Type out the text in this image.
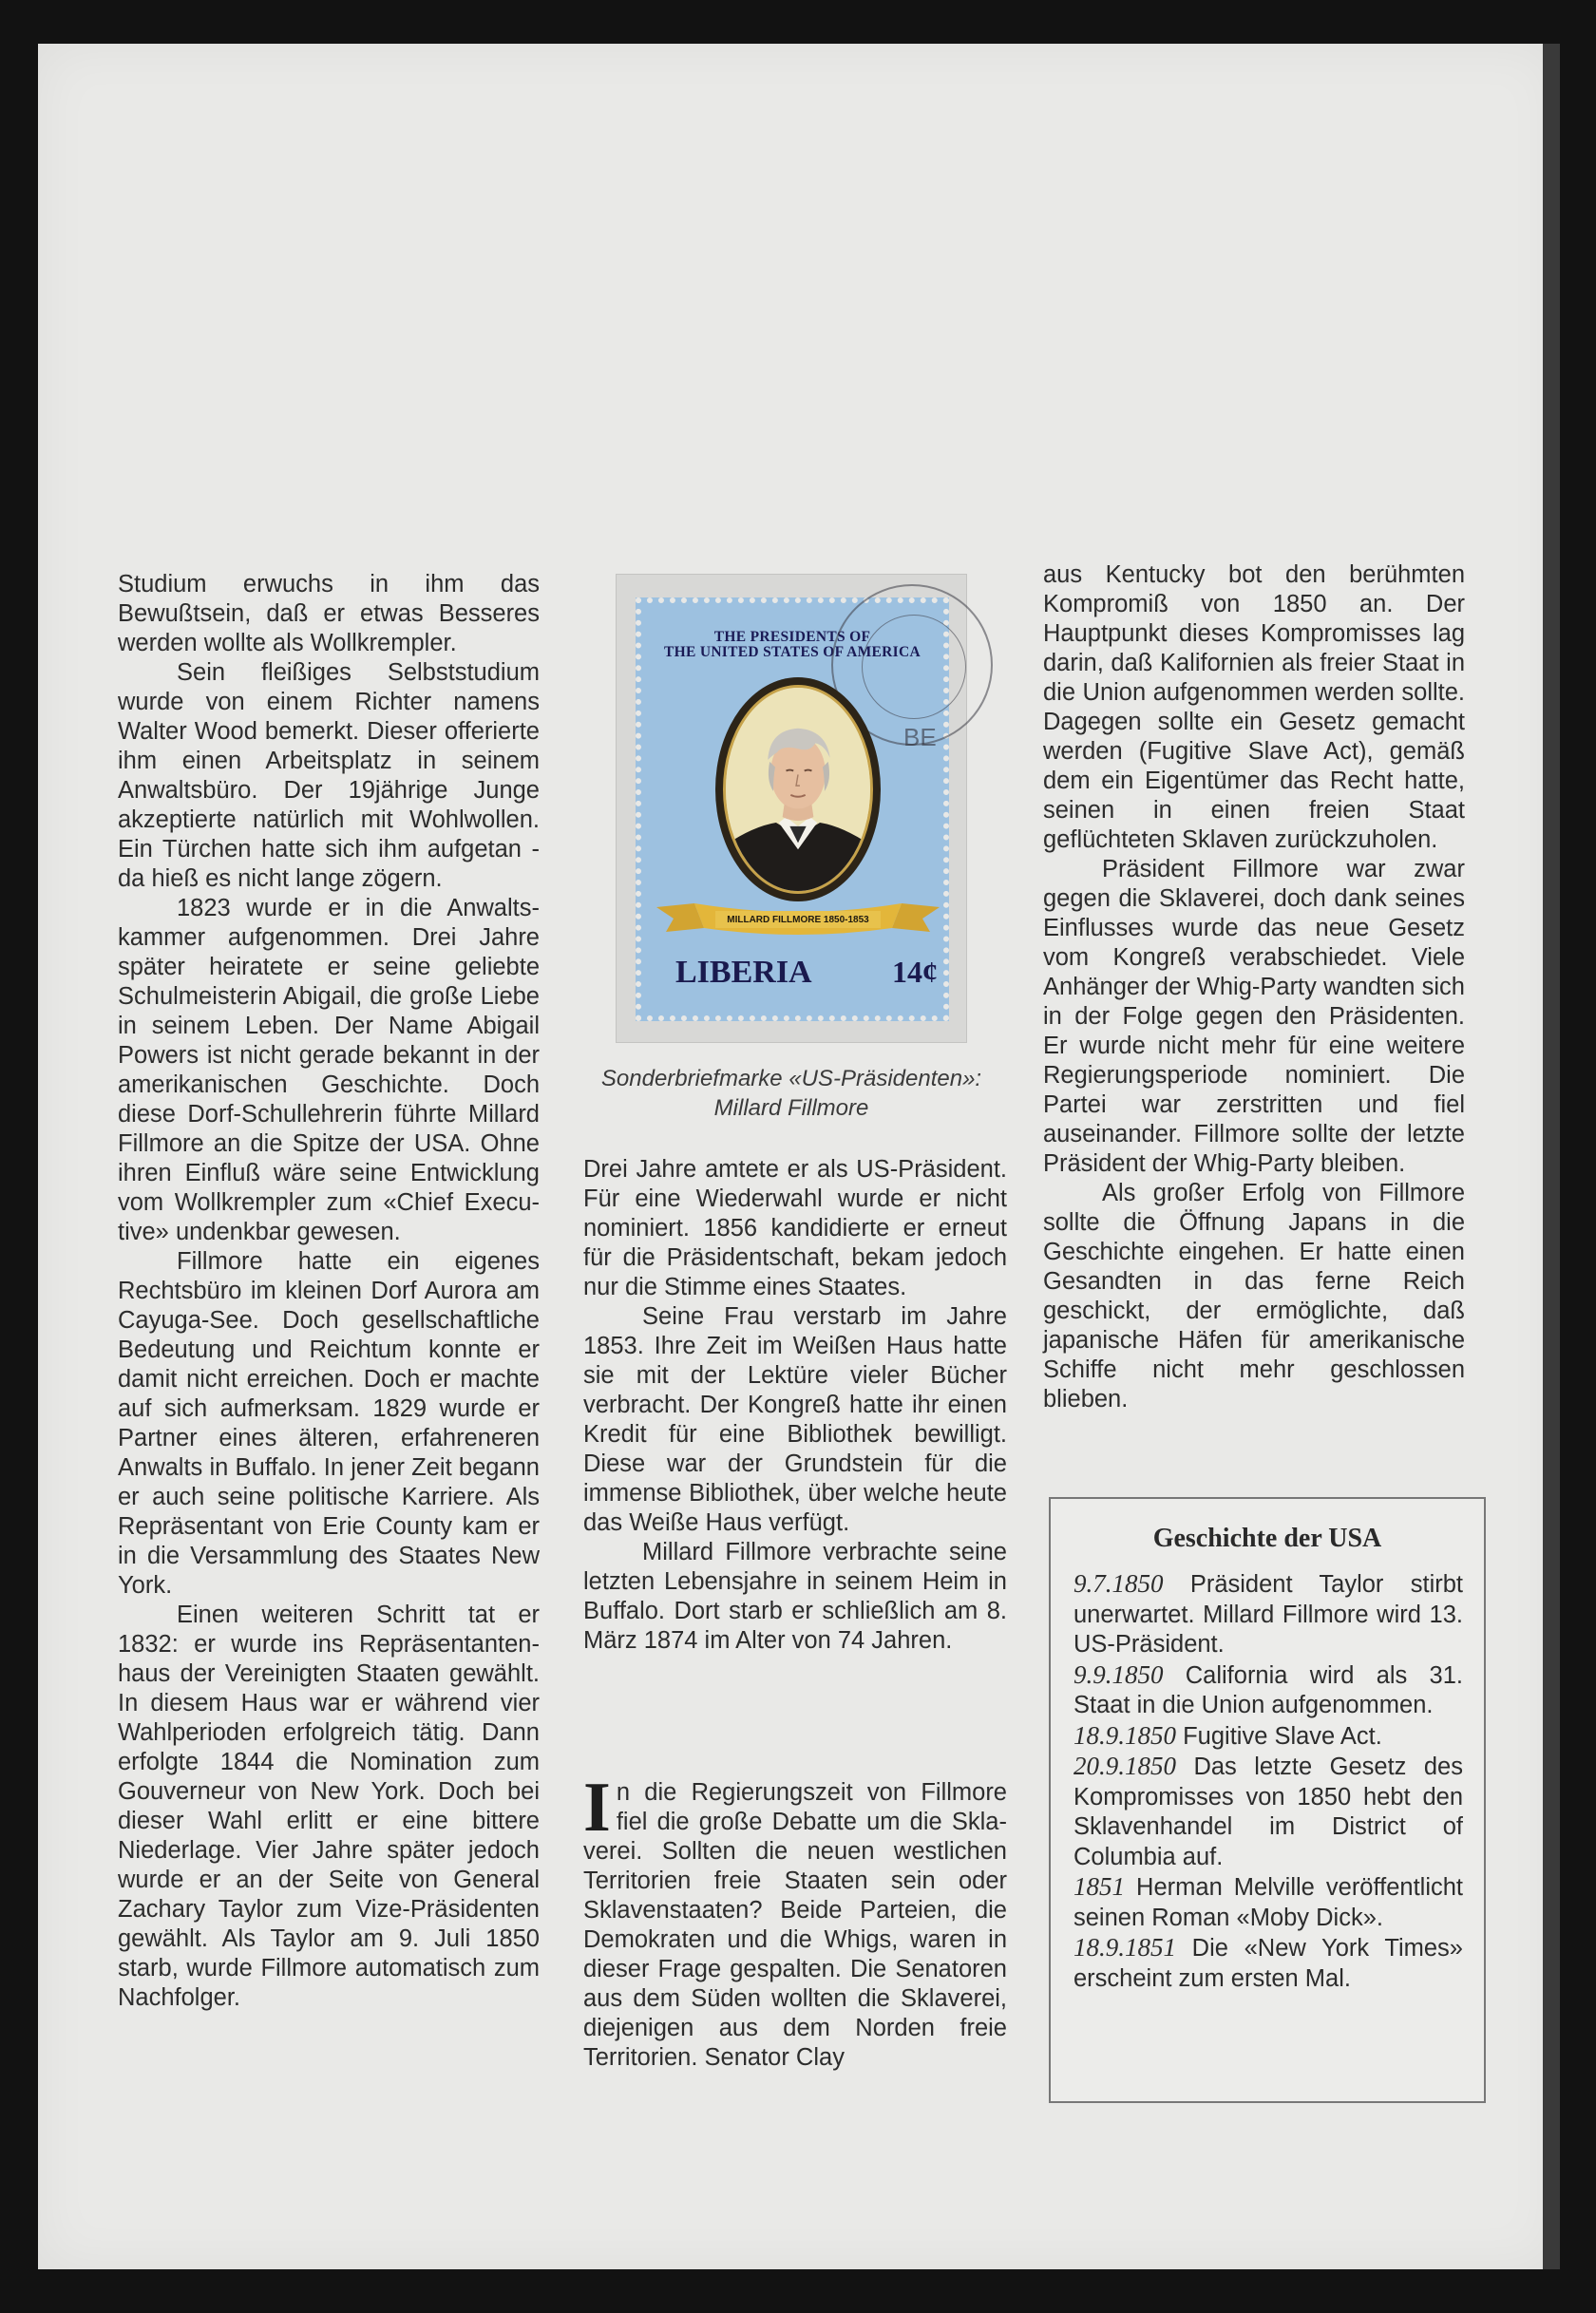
Studium erwuchs in ihm das Bewußtsein, daß er etwas Besseres werden wollte als Wollkrempler.

Sein fleißiges Selbststudium wurde von einem Richter namens Walter Wood bemerkt. Dieser offerierte ihm einen Arbeitsplatz in seinem Anwaltsbüro. Der 19jährige Junge akzeptierte natürlich mit Wohlwollen. Ein Türchen hatte sich ihm aufgetan - da hieß es nicht lange zögern.

1823 wurde er in die Anwaltskammer aufgenommen. Drei Jahre später heiratete er seine geliebte Schulmeisterin Abigail, die große Liebe in seinem Leben. Der Name Abigail Powers ist nicht gerade bekannt in der amerikanischen Geschichte. Doch diese Dorf-Schullehrerin führte Millard Fillmore an die Spitze der USA. Ohne ihren Einfluß wäre seine Entwicklung vom Wollkrempler zum «Chief Executive» undenkbar gewesen.

Fillmore hatte ein eigenes Rechtsbüro im kleinen Dorf Aurora am Cayuga-See. Doch gesellschaftliche Bedeutung und Reichtum konnte er damit nicht erreichen. Doch er machte auf sich aufmerksam. 1829 wurde er Partner eines älteren, erfahreneren Anwalts in Buffalo. In jener Zeit begann er auch seine politische Karriere. Als Repräsentant von Erie County kam er in die Versammlung des Staates New York.

Einen weiteren Schritt tat er 1832: er wurde ins Repräsentantenhaus der Vereinigten Staaten gewählt. In diesem Haus war er während vier Wahlperioden erfolgreich tätig. Dann erfolgte 1844 die Nomination zum Gouverneur von New York. Doch bei dieser Wahl erlitt er eine bittere Niederlage. Vier Jahre später jedoch wurde er an der Seite von General Zachary Taylor zum Vize-Präsidenten gewählt. Als Taylor am 9. Juli 1850 starb, wurde Fillmore automatisch zum Nachfolger.

THE PRESIDENTS OF
THE UNITED STATES OF AMERICA
BE
MILLARD FILLMORE 1850-1853
LIBERIA	14¢
Sonderbriefmarke «US-Präsidenten»:
Millard Fillmore

Drei Jahre amtete er als US-Präsident. Für eine Wiederwahl wurde er nicht nominiert. 1856 kandidierte er erneut für die Präsidentschaft, bekam jedoch nur die Stimme eines Staates.

Seine Frau verstarb im Jahre 1853. Ihre Zeit im Weißen Haus hatte sie mit der Lektüre vieler Bücher verbracht. Der Kongreß hatte ihr einen Kredit für eine Bibliothek bewilligt. Diese war der Grundstein für die immense Bibliothek, über welche heute das Weiße Haus verfügt.

Millard Fillmore verbrachte seine letzten Lebensjahre in seinem Heim in Buffalo. Dort starb er schließlich am 8. März 1874 im Alter von 74 Jahren.

In die Regierungszeit von Fillmore fiel die große Debatte um die Sklaverei. Sollten die neuen westlichen Territorien freie Staaten sein oder Sklavenstaaten? Beide Parteien, die Demokraten und die Whigs, waren in dieser Frage gespalten. Die Senatoren aus dem Süden wollten die Sklaverei, diejenigen aus dem Norden freie Territorien. Senator Clay

aus Kentucky bot den berühmten Kompromiß von 1850 an. Der Hauptpunkt dieses Kompromisses lag darin, daß Kalifornien als freier Staat in die Union aufgenommen werden sollte. Dagegen sollte ein Gesetz gemacht werden (Fugitive Slave Act), gemäß dem ein Eigentümer das Recht hatte, seinen in einen freien Staat geflüchteten Sklaven zurückzuholen.

Präsident Fillmore war zwar gegen die Sklaverei, doch dank seines Einflusses wurde das neue Gesetz vom Kongreß verabschiedet. Viele Anhänger der Whig-Party wandten sich in der Folge gegen den Präsidenten. Er wurde nicht mehr für eine weitere Regierungsperiode nominiert. Die Partei war zerstritten und fiel auseinander. Fillmore sollte der letzte Präsident der Whig-Party bleiben.

Als großer Erfolg von Fillmore sollte die Öffnung Japans in die Geschichte eingehen. Er hatte einen Gesandten in das ferne Reich geschickt, der ermöglichte, daß japanische Häfen für amerikanische Schiffe nicht mehr geschlossen blieben.

Geschichte der USA
9.7.1850 Präsident Taylor stirbt unerwartet. Millard Fillmore wird 13. US-Präsident.
9.9.1850 California wird als 31. Staat in die Union aufgenommen.
18.9.1850 Fugitive Slave Act.
20.9.1850 Das letzte Gesetz des Kompromisses von 1850 hebt den Sklavenhandel im District of Columbia auf.
1851 Herman Melville veröffentlicht seinen Roman «Moby Dick».
18.9.1851 Die «New York Times» erscheint zum ersten Mal.
